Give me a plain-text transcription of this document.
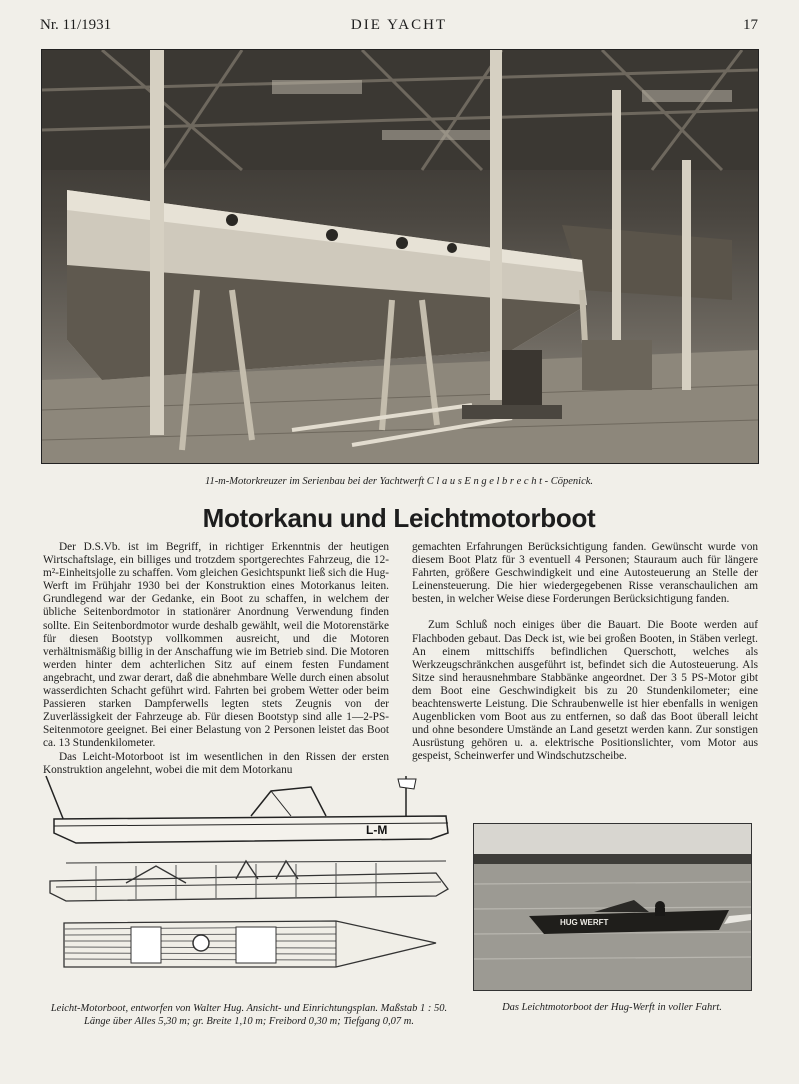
Nr. 11/1931	DIE YACHT	17
11-m-Motorkreuzer im Serienbau bei der Yachtwerft C l a u s E n g e l b r e c h t - Cöpenick.
Motorkanu und Leichtmotorboot

Der D.S.Vb. ist im Begriff, in richtiger Erkenntnis der heutigen Wirtschaftslage, ein billiges und trotzdem sportgerechtes Fahrzeug, die 12-m²-Einheitsjolle zu schaffen. Vom gleichen Gesichtspunkt ließ sich die Hug-Werft im Frühjahr 1930 bei der Konstruktion eines Motorkanus leiten. Grundlegend war der Gedanke, ein Boot zu schaffen, in welchem der übliche Seitenbordmotor in stationärer Anordnung Verwendung finden sollte. Ein Seitenbordmotor wurde deshalb gewählt, weil die Motorenstärke für diesen Bootstyp vollkommen ausreicht, und die Motoren verhältnismäßig billig in der Anschaffung wie im Betrieb sind. Die Motoren werden hinter dem achterlichen Sitz auf einem festen Fundament angebracht, und zwar derart, daß die abnehmbare Welle durch einen absolut wasserdichten Schacht geführt wird. Fahrten bei grobem Wetter oder beim Passieren starken Dampferwells legten stets Zeugnis von der Zuverlässigkeit der Fahrzeuge ab. Für diesen Bootstyp sind alle 1—2-PS-Seitenmotore geeignet. Bei einer Belastung von 2 Personen leistet das Boot ca. 13 Stundenkilometer.

Das Leicht-Motorboot ist im wesentlichen in den Rissen der ersten Konstruktion angelehnt, wobei die mit dem Motorkanu

gemachten Erfahrungen Berücksichtigung fanden. Gewünscht wurde von diesem Boot Platz für 3 eventuell 4 Personen; Stauraum auch für längere Fahrten, größere Geschwindigkeit und eine Autosteuerung an Stelle der Leinensteuerung. Die hier wiedergegebenen Risse veranschaulichen am besten, in welcher Weise diese Forderungen Berücksichtigung fanden.

Zum Schluß noch einiges über die Bauart. Die Boote werden auf Flachboden gebaut. Das Deck ist, wie bei großen Booten, in Stäben verlegt. An einem mittschiffs befindlichen Querschott, welches als Werkzeugschränkchen ausgeführt ist, befindet sich die Autosteuerung. Als Sitze sind herausnehmbare Stabbänke angeordnet. Der 3 5 PS-Motor gibt dem Boot eine Geschwindigkeit bis zu 20 Stundenkilometer; eine beachtenswerte Leistung. Die Schraubenwelle ist hier ebenfalls in wenigen Augenblicken vom Boot aus zu entfernen, so daß das Boot überall leicht und ohne besondere Umstände an Land gesetzt werden kann. Zur sonstigen Ausrüstung gehören u. a. elektrische Positionslichter, vom Motor aus gespeist, Scheinwerfer und Windschutzscheibe.

L-M
Leicht-Motorboot, entworfen von Walter Hug. Ansicht- und Einrichtungsplan. Maßstab 1 : 50. Länge über Alles 5,30 m; gr. Breite 1,10 m; Freibord 0,30 m; Tiefgang 0,07 m.
HUG WERFT
Das Leichtmotorboot der Hug-Werft in voller Fahrt.
